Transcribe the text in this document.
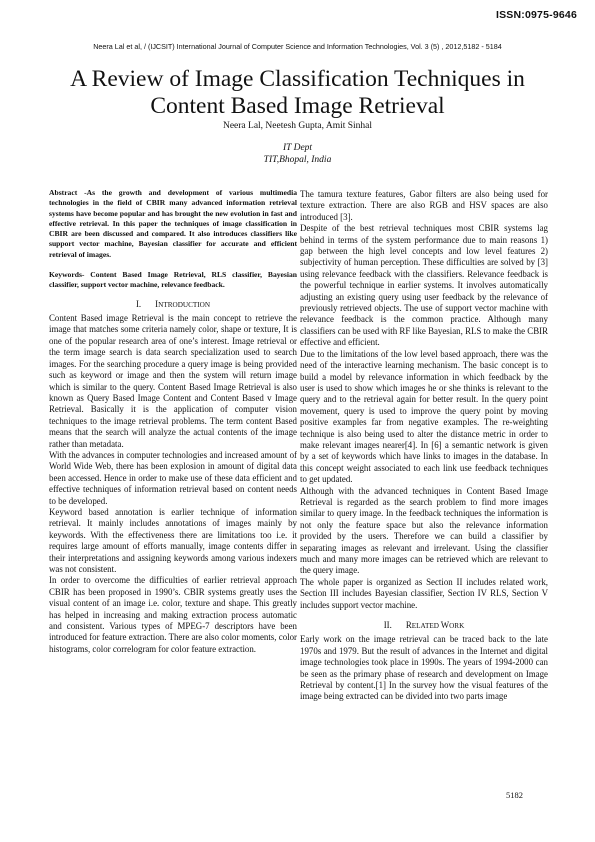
ISSN:0975-9646
Neera Lal et al, / (IJCSIT) International Journal of Computer Science and Information Technologies, Vol. 3 (5) , 2012,5182 - 5184
A Review of Image Classification Techniques in
Content Based Image Retrieval
Neera Lal, Neetesh Gupta, Amit Sinhal
IT Dept
TIT,Bhopal, India

Abstract -As the growth and development of various multimedia technologies in the field of CBIR many advanced information retrieval systems have become popular and has brought the new evolution in fast and effective retrieval. In this paper the techniques of image classification in CBIR are been discussed and compared. It also introduces classifiers like support vector machine, Bayesian classifier for accurate and efficient retrieval of images.

Keywords- Content Based Image Retrieval, RLS classifier, Bayesian classifier, support vector machine, relevance feedback.

I. INTRODUCTION

Content Based image Retrieval is the main concept to retrieve the image that matches some criteria namely color, shape or texture, It is one of the popular research area of one’s interest. Image retrieval or the term image search is data search specialization used to search images. For the searching procedure a query image is being provided such as keyword or image and then the system will return image which is similar to the query. Content Based Image Retrieval is also known as Query Based Image Content and Content Based v Image Retrieval. Basically it is the application of computer vision techniques to the image retrieval problems. The term content Based means that the search will analyze the actual contents of the image rather than metadata.

With the advances in computer technologies and increased amount of World Wide Web, there has been explosion in amount of digital data been accessed. Hence in order to make use of these data efficient and effective techniques of information retrieval based on content needs to be developed.

Keyword based annotation is earlier technique of information retrieval. It mainly includes annotations of images mainly by keywords. With the effectiveness there are limitations too i.e. it requires large amount of efforts manually, image contents differ in their interpretations and assigning keywords among various indexers was not consistent.

In order to overcome the difficulties of earlier retrieval approach CBIR has been proposed in 1990’s. CBIR systems greatly uses the visual content of an image i.e. color, texture and shape. This greatly has helped in increasing and making extraction process automatic and consistent. Various types of MPEG-7 descriptors have been introduced for feature extraction. There are also color moments, color histograms, color correlogram for color feature extraction.

The tamura texture features, Gabor filters are also being used for texture extraction. There are also RGB and HSV spaces are also introduced [3].

Despite of the best retrieval techniques most CBIR systems lag behind in terms of the system performance due to main reasons 1) gap between the high level concepts and low level features 2) subjectivity of human perception. These difficulties are solved by [3] using relevance feedback with the classifiers. Relevance feedback is the powerful technique in earlier systems. It involves automatically adjusting an existing query using user feedback by the relevance of previously retrieved objects. The use of support vector machine with relevance feedback is the common practice. Although many classifiers can be used with RF like Bayesian, RLS to make the CBIR effective and efficient.

Due to the limitations of the low level based approach, there was the need of the interactive learning mechanism. The basic concept is to build a model by relevance information in which feedback by the user is used to show which images he or she thinks is relevant to the query and to the retrieval again for better result. In the query point movement, query is used to improve the query point by moving positive examples far from negative examples. The re-weighting technique is also being used to alter the distance metric in order to make relevant images nearer[4]. In [6] a semantic network is given by a set of keywords which have links to images in the database. In this concept weight associated to each link use feedback techniques to get updated.

Although with the advanced techniques in Content Based Image Retrieval is regarded as the search problem to find more images similar to query image. In the feedback techniques the information is not only the feature space but also the relevance information provided by the users. Therefore we can build a classifier by separating images as relevant and irrelevant. Using the classifier much and many more images can be retrieved which are relevant to the query image.

The whole paper is organized as Section II includes related work, Section III includes Bayesian classifier, Section IV RLS, Section V includes support vector machine.

II. RELATED WORK

Early work on the image retrieval can be traced back to the late 1970s and 1979. But the result of advances in the Internet and digital image technologies took place in 1990s. The years of 1994-2000 can be seen as the primary phase of research and development on Image Retrieval by content.[1] In the survey how the visual features of the image being extracted can be divided into two parts image

5182
